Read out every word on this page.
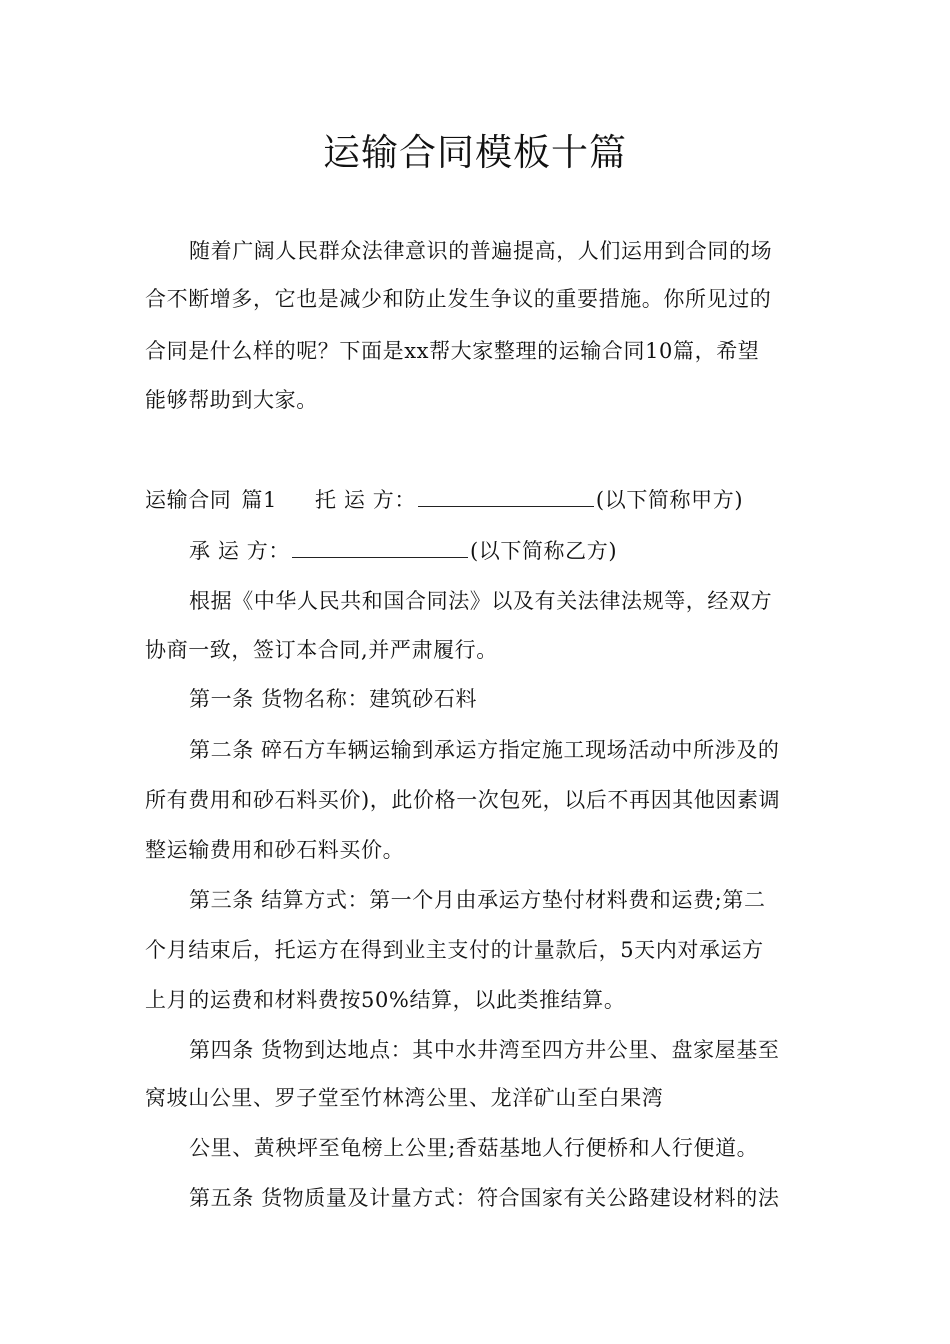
运输合同模板十篇
随着广阔人民群众法律意识的普遍提高，人们运用到合同的场
合不断增多，它也是减少和防止发生争议的重要措施。你所见过的
合同是什么样的呢？下面是xx帮大家整理的运输合同10篇，希望
能够帮助到大家。
运输合同 篇1 托 运 方：	(以下简称甲方)
承 运 方：	(以下简称乙方)
根据《中华人民共和国合同法》以及有关法律法规等，经双方
协商一致，签订本合同,并严肃履行。
第一条 货物名称：建筑砂石料
第二条 碎石方车辆运输到承运方指定施工现场活动中所涉及的
所有费用和砂石料买价)，此价格一次包死，以后不再因其他因素调
整运输费用和砂石料买价。
第三条 结算方式：第一个月由承运方垫付材料费和运费;第二
个月结束后，托运方在得到业主支付的计量款后，5天内对承运方
上月的运费和材料费按50%结算，以此类推结算。
第四条 货物到达地点：其中水井湾至四方井公里、盘家屋基至
窝坡山公里、罗子堂至竹林湾公里、龙洋矿山至白果湾
公里、黄秧坪至龟榜上公里;香菇基地人行便桥和人行便道。
第五条 货物质量及计量方式：符合国家有关公路建设材料的法
